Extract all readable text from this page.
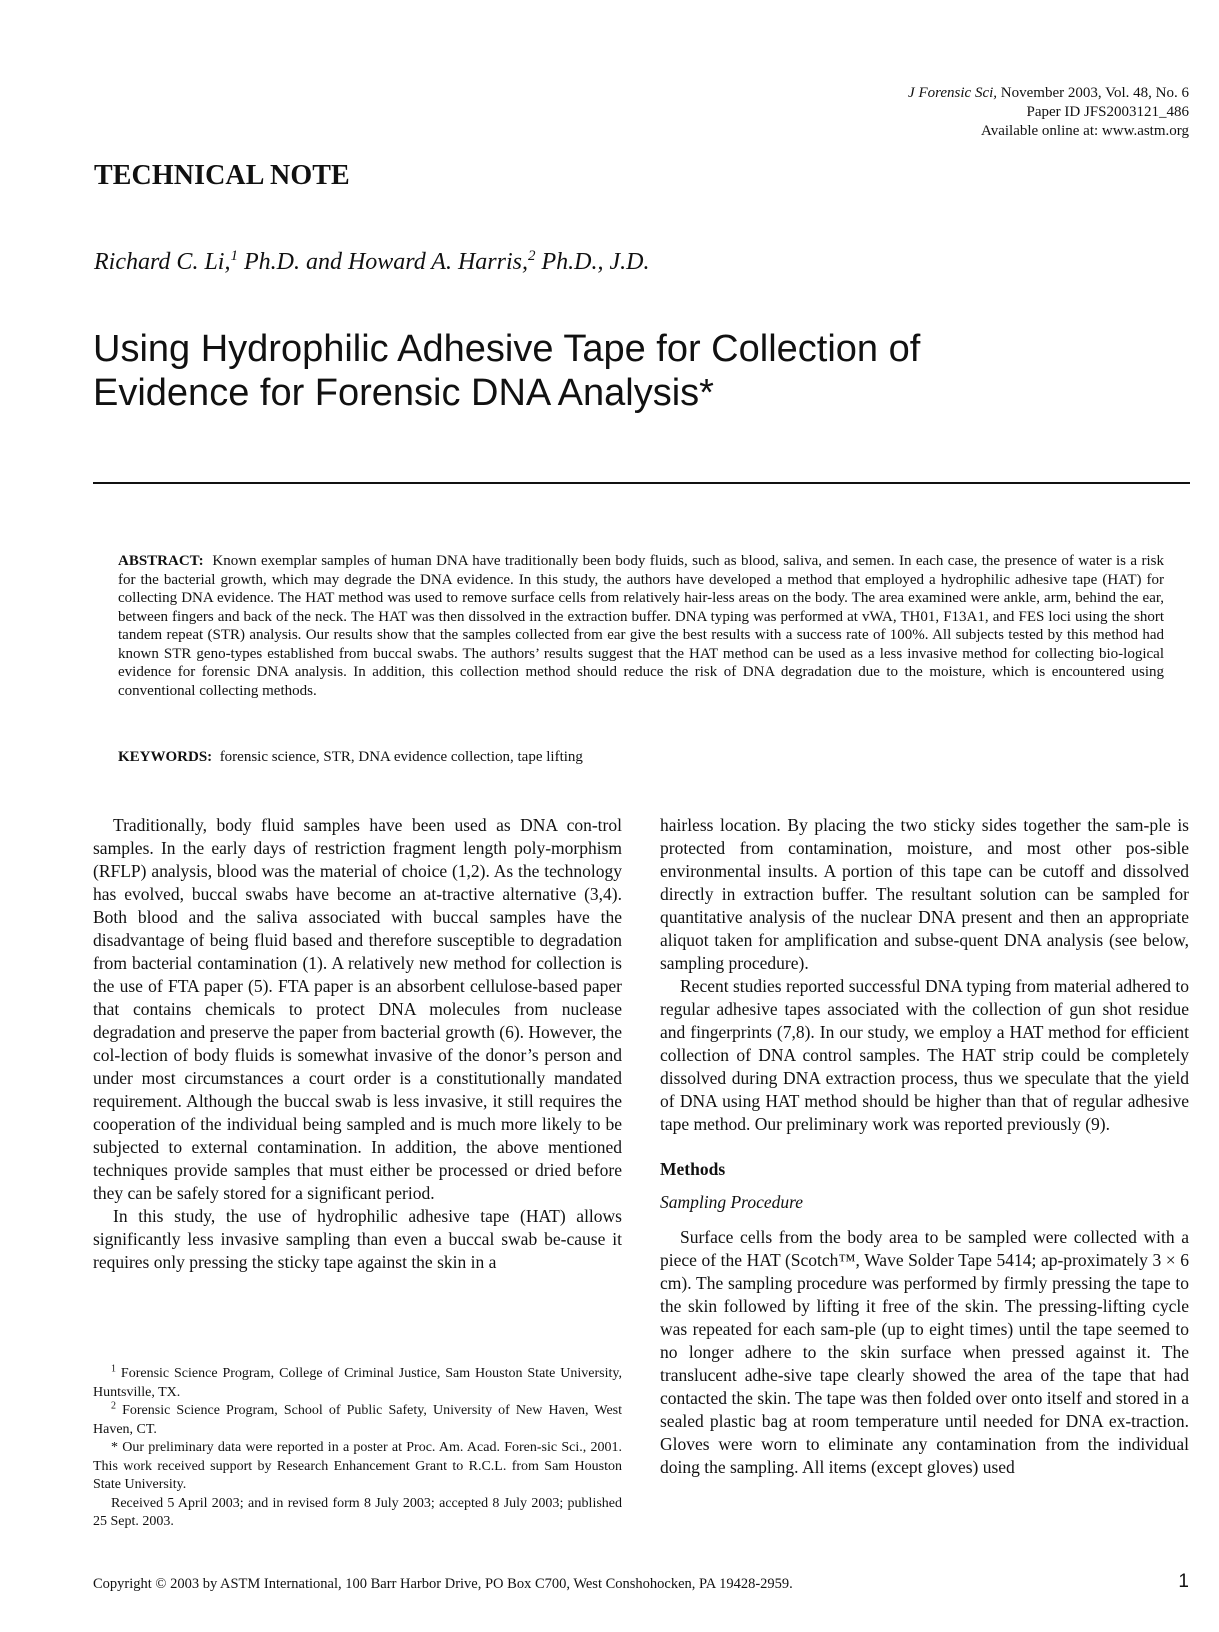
J Forensic Sci, November 2003, Vol. 48, No. 6
Paper ID JFS2003121_486
Available online at: www.astm.org
TECHNICAL NOTE
Richard C. Li,$^1$ Ph.D. and Howard A. Harris,$^2$ Ph.D., J.D.
Using Hydrophilic Adhesive Tape for Collection of
Evidence for Forensic DNA Analysis*
ABSTRACT: Known exemplar samples of human DNA have traditionally been body fluids, such as blood, saliva, and semen. In each case, the presence of water is a risk for the bacterial growth, which may degrade the DNA evidence. In this study, the authors have developed a method that employed a hydrophilic adhesive tape (HAT) for collecting DNA evidence. The HAT method was used to remove surface cells from relatively hair-less areas on the body. The area examined were ankle, arm, behind the ear, between fingers and back of the neck. The HAT was then dissolved in the extraction buffer. DNA typing was performed at vWA, TH01, F13A1, and FES loci using the short tandem repeat (STR) analysis. Our results show that the samples collected from ear give the best results with a success rate of 100%. All subjects tested by this method had known STR geno-types established from buccal swabs. The authors’ results suggest that the HAT method can be used as a less invasive method for collecting bio-logical evidence for forensic DNA analysis. In addition, this collection method should reduce the risk of DNA degradation due to the moisture, which is encountered using conventional collecting methods.
KEYWORDS: forensic science, STR, DNA evidence collection, tape lifting

Traditionally, body fluid samples have been used as DNA con-trol samples. In the early days of restriction fragment length poly-morphism (RFLP) analysis, blood was the material of choice (1,2). As the technology has evolved, buccal swabs have become an at-tractive alternative (3,4). Both blood and the saliva associated with buccal samples have the disadvantage of being fluid based and therefore susceptible to degradation from bacterial contamination (1). A relatively new method for collection is the use of FTA paper (5). FTA paper is an absorbent cellulose-based paper that contains chemicals to protect DNA molecules from nuclease degradation and preserve the paper from bacterial growth (6). However, the col-lection of body fluids is somewhat invasive of the donor’s person and under most circumstances a court order is a constitutionally mandated requirement. Although the buccal swab is less invasive, it still requires the cooperation of the individual being sampled and is much more likely to be subjected to external contamination. In addition, the above mentioned techniques provide samples that must either be processed or dried before they can be safely stored for a significant period.

In this study, the use of hydrophilic adhesive tape (HAT) allows significantly less invasive sampling than even a buccal swab be-cause it requires only pressing the sticky tape against the skin in a

hairless location. By placing the two sticky sides together the sam-ple is protected from contamination, moisture, and most other pos-sible environmental insults. A portion of this tape can be cutoff and dissolved directly in extraction buffer. The resultant solution can be sampled for quantitative analysis of the nuclear DNA present and then an appropriate aliquot taken for amplification and subse-quent DNA analysis (see below, sampling procedure).

Recent studies reported successful DNA typing from material adhered to regular adhesive tapes associated with the collection of gun shot residue and fingerprints (7,8). In our study, we employ a HAT method for efficient collection of DNA control samples. The HAT strip could be completely dissolved during DNA extraction process, thus we speculate that the yield of DNA using HAT method should be higher than that of regular adhesive tape method. Our preliminary work was reported previously (9).

Methods
Sampling Procedure

Surface cells from the body area to be sampled were collected with a piece of the HAT (Scotch™, Wave Solder Tape 5414; ap-proximately 3 × 6 cm). The sampling procedure was performed by firmly pressing the tape to the skin followed by lifting it free of the skin. The pressing-lifting cycle was repeated for each sam-ple (up to eight times) until the tape seemed to no longer adhere to the skin surface when pressed against it. The translucent adhe-sive tape clearly showed the area of the tape that had contacted the skin. The tape was then folded over onto itself and stored in a sealed plastic bag at room temperature until needed for DNA ex-traction. Gloves were worn to eliminate any contamination from the individual doing the sampling. All items (except gloves) used

$^1$ Forensic Science Program, College of Criminal Justice, Sam Houston State University, Huntsville, TX.

$^2$ Forensic Science Program, School of Public Safety, University of New Haven, West Haven, CT.

* Our preliminary data were reported in a poster at Proc. Am. Acad. Foren-sic Sci., 2001. This work received support by Research Enhancement Grant to R.C.L. from Sam Houston State University.

Received 5 April 2003; and in revised form 8 July 2003; accepted 8 July 2003; published 25 Sept. 2003.

Copyright © 2003 by ASTM International, 100 Barr Harbor Drive, PO Box C700, West Conshohocken, PA 19428-2959.	1
